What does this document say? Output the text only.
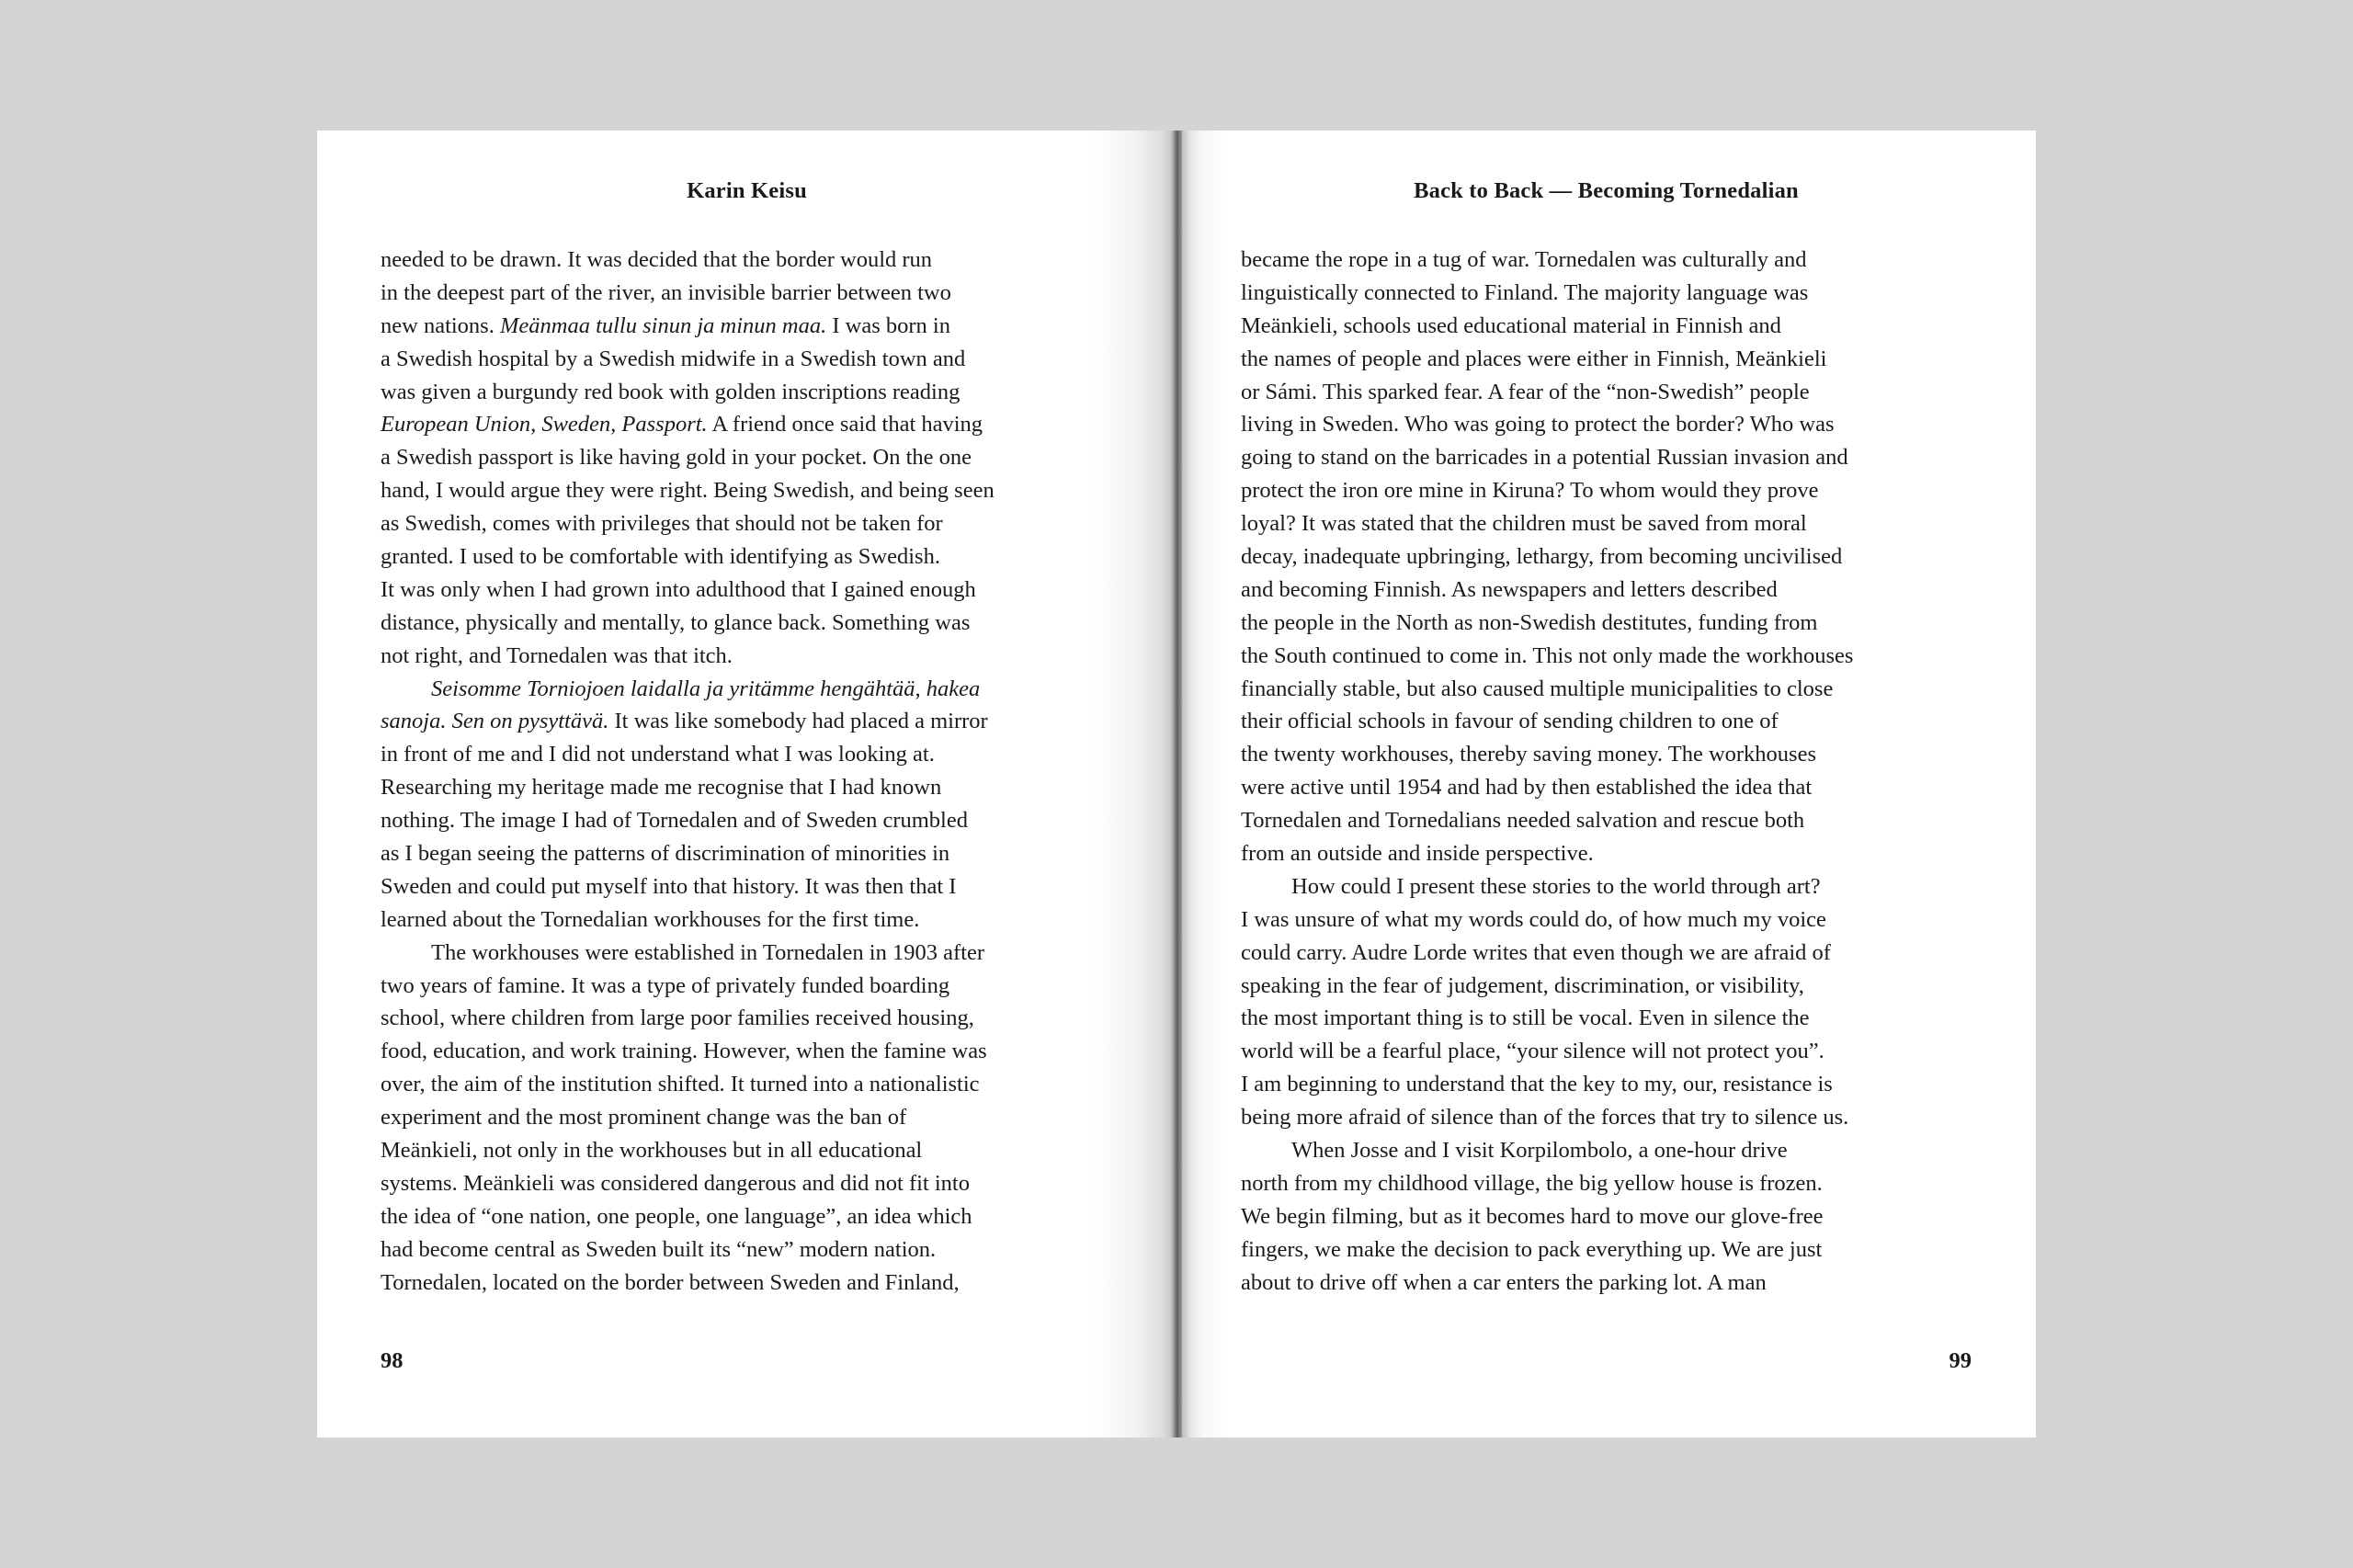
Karin Keisu
needed to be drawn. It was decided that the border would run
in the deepest part of the river, an invisible barrier between two
new nations. Meänmaa tullu sinun ja minun maa. I was born in
a Swedish hospital by a Swedish midwife in a Swedish town and
was given a burgundy red book with golden inscriptions reading
European Union, Sweden, Passport. A friend once said that having
a Swedish passport is like having gold in your pocket. On the one
hand, I would argue they were right. Being Swedish, and being seen
as Swedish, comes with privileges that should not be taken for
granted. I used to be comfortable with identifying as Swedish.
It was only when I had grown into adulthood that I gained enough
distance, physically and mentally, to glance back. Something was
not right, and Tornedalen was that itch.
Seisomme Torniojoen laidalla ja yritämme hengähtää, hakea
sanoja. Sen on pysyttävä. It was like somebody had placed a mirror
in front of me and I did not understand what I was looking at.
Researching my heritage made me recognise that I had known
nothing. The image I had of Tornedalen and of Sweden crumbled
as I began seeing the patterns of discrimination of minorities in
Sweden and could put myself into that history. It was then that I
learned about the Tornedalian workhouses for the first time.
The workhouses were established in Tornedalen in 1903 after
two years of famine. It was a type of privately funded boarding
school, where children from large poor families received housing,
food, education, and work training. However, when the famine was
over, the aim of the institution shifted. It turned into a nationalistic
experiment and the most prominent change was the ban of
Meänkieli, not only in the workhouses but in all educational
systems. Meänkieli was considered dangerous and did not fit into
the idea of “one nation, one people, one language”, an idea which
had become central as Sweden built its “new” modern nation.
Tornedalen, located on the border between Sweden and Finland,
98
Back to Back — Becoming Tornedalian
became the rope in a tug of war. Tornedalen was culturally and
linguistically connected to Finland. The majority language was
Meänkieli, schools used educational material in Finnish and
the names of people and places were either in Finnish, Meänkieli
or Sámi. This sparked fear. A fear of the “non-Swedish” people
living in Sweden. Who was going to protect the border? Who was
going to stand on the barricades in a potential Russian invasion and
protect the iron ore mine in Kiruna? To whom would they prove
loyal? It was stated that the children must be saved from moral
decay, inadequate upbringing, lethargy, from becoming uncivilised
and becoming Finnish. As newspapers and letters described
the people in the North as non-Swedish destitutes, funding from
the South continued to come in. This not only made the workhouses
financially stable, but also caused multiple municipalities to close
their official schools in favour of sending children to one of
the twenty workhouses, thereby saving money. The workhouses
were active until 1954 and had by then established the idea that
Tornedalen and Tornedalians needed salvation and rescue both
from an outside and inside perspective.
How could I present these stories to the world through art?
I was unsure of what my words could do, of how much my voice
could carry. Audre Lorde writes that even though we are afraid of
speaking in the fear of judgement, discrimination, or visibility,
the most important thing is to still be vocal. Even in silence the
world will be a fearful place, “your silence will not protect you”.
I am beginning to understand that the key to my, our, resistance is
being more afraid of silence than of the forces that try to silence us.
When Josse and I visit Korpilombolo, a one-hour drive
north from my childhood village, the big yellow house is frozen.
We begin filming, but as it becomes hard to move our glove-free
fingers, we make the decision to pack everything up. We are just
about to drive off when a car enters the parking lot. A man
99
